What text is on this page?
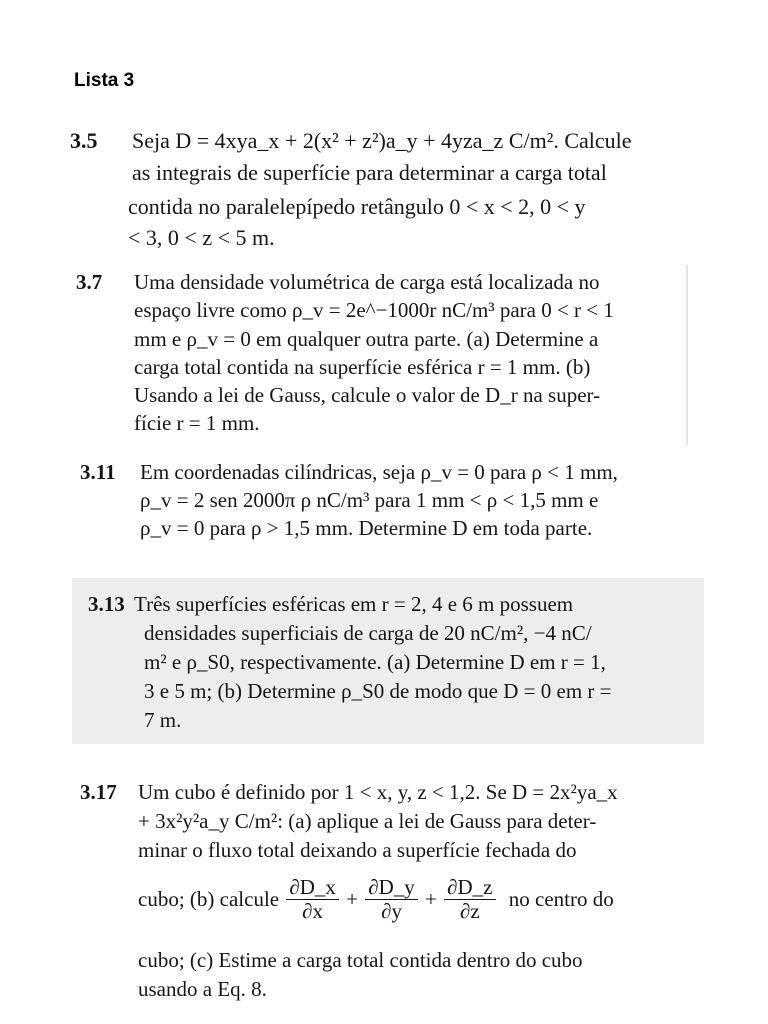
Lista 3
3.5 Seja D = 4xya_x + 2(x² + z²)a_y + 4yza_z C/m². Calcule
as integrais de superfície para determinar a carga total
contida no paralelepípedo retângulo 0 < x < 2, 0 < y
< 3, 0 < z < 5 m.
3.7 Uma densidade volumétrica de carga está localizada no
espaço livre como ρ_v = 2e^−1000r nC/m³ para 0 < r < 1
mm e ρ_v = 0 em qualquer outra parte. (a) Determine a
carga total contida na superfície esférica r = 1 mm. (b)
Usando a lei de Gauss, calcule o valor de D_r na super-
fície r = 1 mm.
3.11 Em coordenadas cilíndricas, seja ρ_v = 0 para ρ < 1 mm,
ρ_v = 2 sen 2000π ρ nC/m³ para 1 mm < ρ < 1,5 mm e
ρ_v = 0 para ρ > 1,5 mm. Determine D em toda parte.
3.13 Três superfícies esféricas em r = 2, 4 e 6 m possuem
densidades superficiais de carga de 20 nC/m², −4 nC/
m² e ρ_S0, respectivamente. (a) Determine D em r = 1,
3 e 5 m; (b) Determine ρ_S0 de modo que D = 0 em r =
7 m.
3.17 Um cubo é definido por 1 < x, y, z < 1,2. Se D = 2x²ya_x
+ 3x²y²a_y C/m²: (a) aplique a lei de Gauss para deter-
minar o fluxo total deixando a superfície fechada do
cubo; (b) calcule $\frac{\partial D\_x}{\partial x} + \frac{\partial D\_y}{\partial y} + \frac{\partial D\_z}{\partial z}$ no centro do
cubo; (c) Estime a carga total contida dentro do cubo
usando a Eq. 8.
